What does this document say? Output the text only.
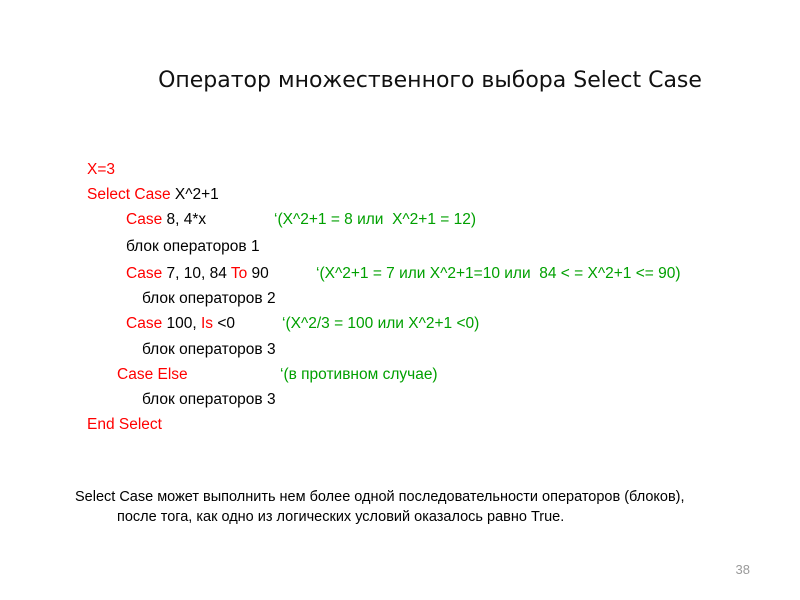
Оператор множественного выбора Select Case
X=3
Select Case X^2+1
Case 8, 4*x	‘(X^2+1 = 8 или  X^2+1 = 12)
блок операторов 1
Case 7, 10, 84 To 90	‘(X^2+1 = 7 или X^2+1=10 или  84 < = X^2+1 <= 90)
блок операторов 2
Case 100, Is <0	‘(X^2/3 = 100 или X^2+1 <0)
блок операторов 3
Case Else	‘(в противном случае)
блок операторов 3
End Select
Select Case может выполнить нем более одной последовательности операторов (блоков),
после тога, как одно из логических условий оказалось равно True.
38
